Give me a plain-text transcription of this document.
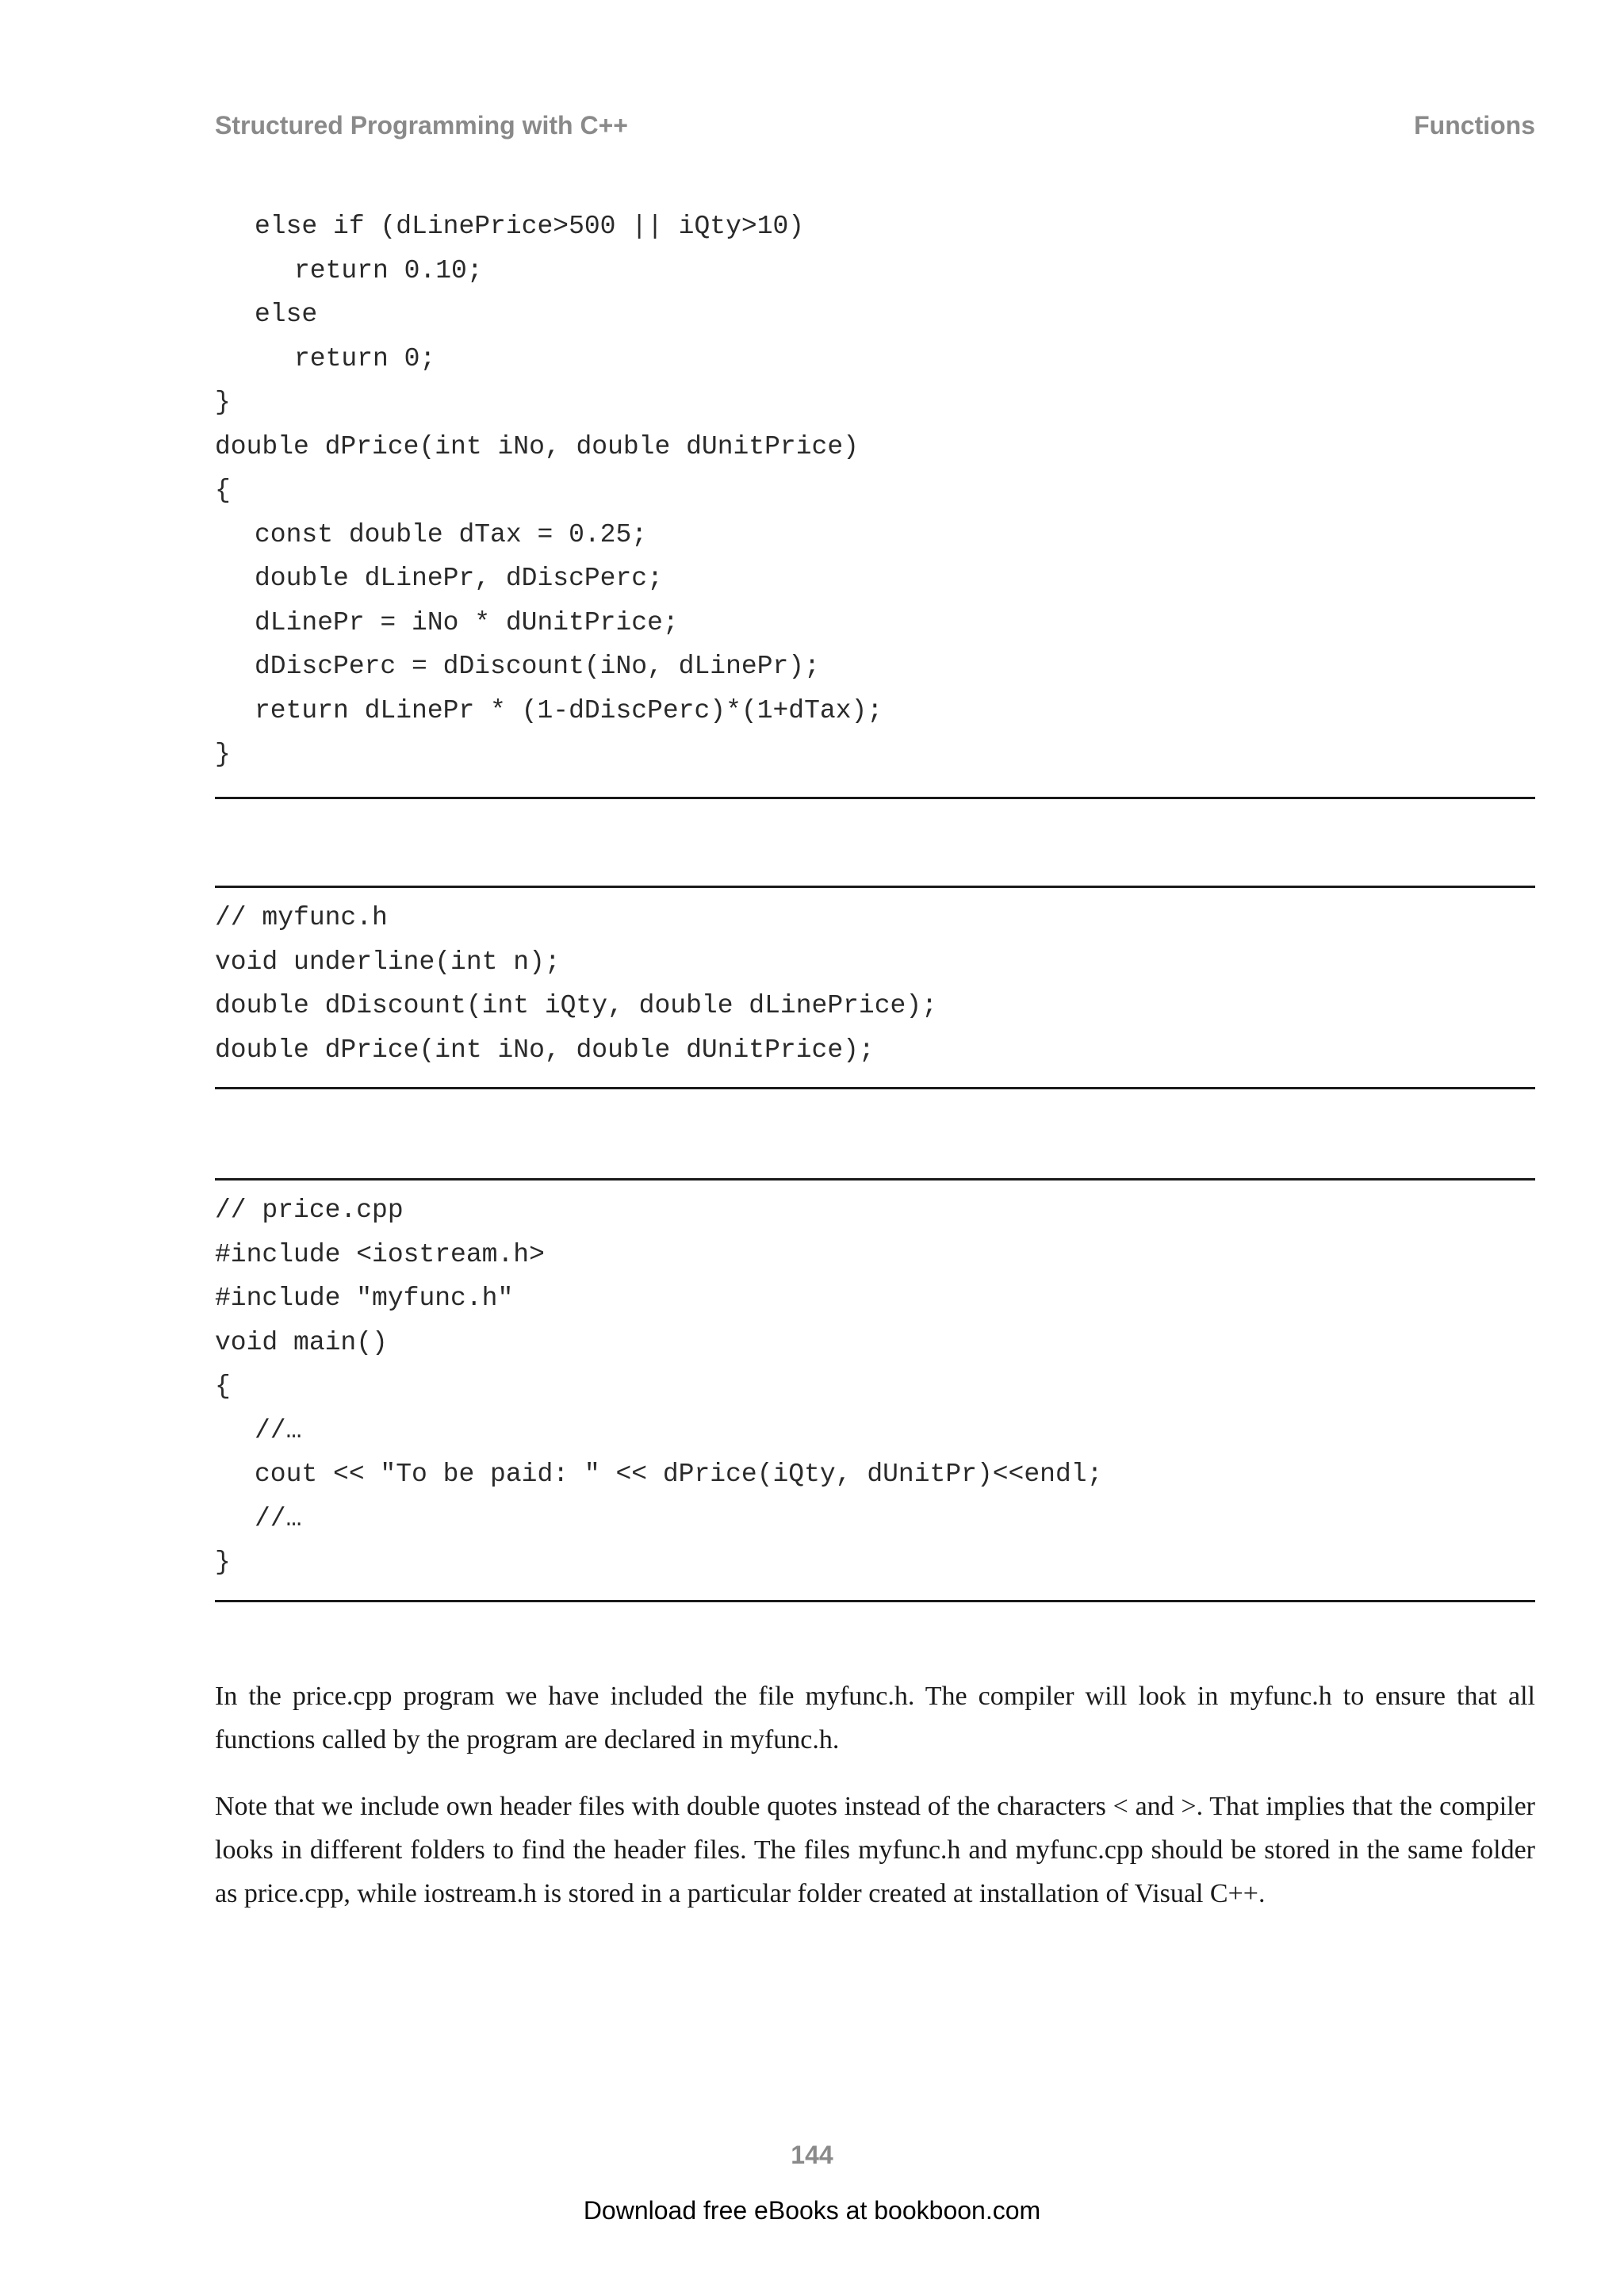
Structured Programming with C++	Functions
else if (dLinePrice>500 || iQty>10)
return 0.10;
else
return 0;
}
double dPrice(int iNo, double dUnitPrice)
{
const double dTax = 0.25;
double dLinePr, dDiscPerc;
dLinePr = iNo * dUnitPrice;
dDiscPerc = dDiscount(iNo, dLinePr);
return dLinePr * (1-dDiscPerc)*(1+dTax);
}
// myfunc.h
void underline(int n);
double dDiscount(int iQty, double dLinePrice);
double dPrice(int iNo, double dUnitPrice);
// price.cpp
#include <iostream.h>
#include "myfunc.h"
void main()
{
//…
cout << "To be paid: " << dPrice(iQty, dUnitPr)<<endl;
//…
}

In the price.cpp program we have included the file myfunc.h. The compiler will look in myfunc.h to ensure that all functions called by the program are declared in myfunc.h.

Note that we include own header files with double quotes instead of the characters < and >. That implies that the compiler looks in different folders to find the header files. The files myfunc.h and myfunc.cpp should be stored in the same folder as price.cpp, while iostream.h is stored in a particular folder created at installation of Visual C++.

144
Download free eBooks at bookboon.com
